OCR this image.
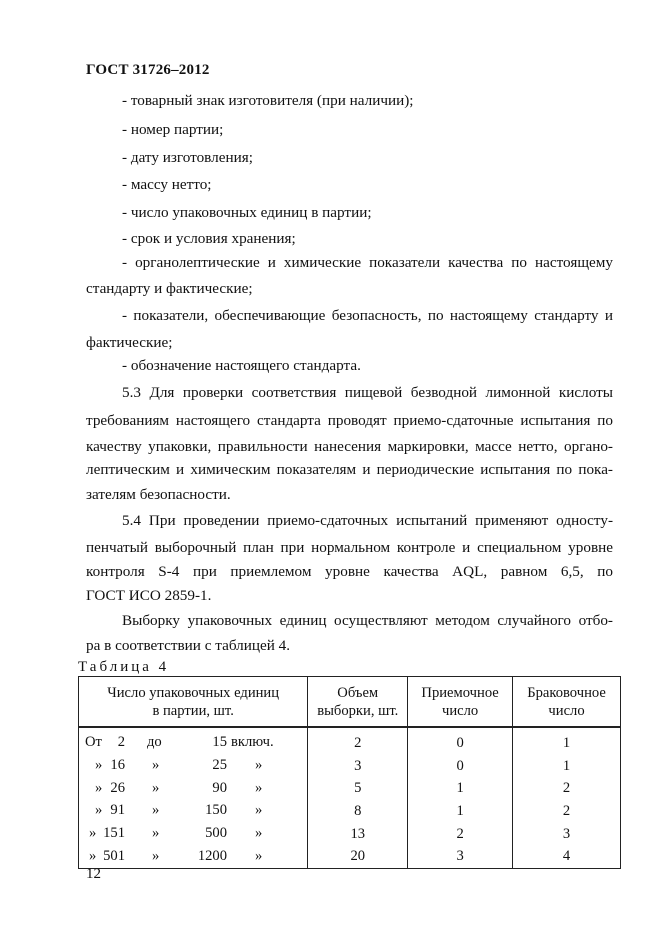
ГОСТ 31726–2012
- товарный знак изготовителя (при наличии);
- номер партии;
- дату изготовления;
- массу нетто;
- число упаковочных единиц в партии;
- срок и условия хранения;
- органолептические и химические показатели качества по настоящему
стандарту и фактические;
- показатели, обеспечивающие безопасность, по настоящему стандарту и
фактические;
- обозначение настоящего стандарта.
5.3 Для проверки соответствия пищевой безводной лимонной кислоты
требованиям настоящего стандарта проводят приемо-сдаточные испытания по
качеству упаковки, правильности нанесения маркировки, массе нетто, органо-
лептическим и химическим показателям и периодические испытания по пока-
зателям безопасности.
5.4 При проведении приемо-сдаточных испытаний применяют односту-
пенчатый выборочный план при нормальном контроле и специальном уровне
контроля S-4 при приемлемом уровне качества AQL, равном 6,5, по
ГОСТ ИСО 2859-1.
Выборку упаковочных единиц осуществляют методом случайного отбо-
ра в соответствии с таблицей 4.
Таблица 4
Число упаковочных единиц
в партии, шт.	Объем
выборки, шт.	Приемочное
число	Браковочное
число

От 2 до 15 включ.	2	0	1

» 16 » 25 »	3	0	1

» 26 » 90 »	5	1	2

» 91 » 150 »	8	1	2

» 151 » 500 »	13	2	3

» 501 » 1200 »	20	3	4
12
